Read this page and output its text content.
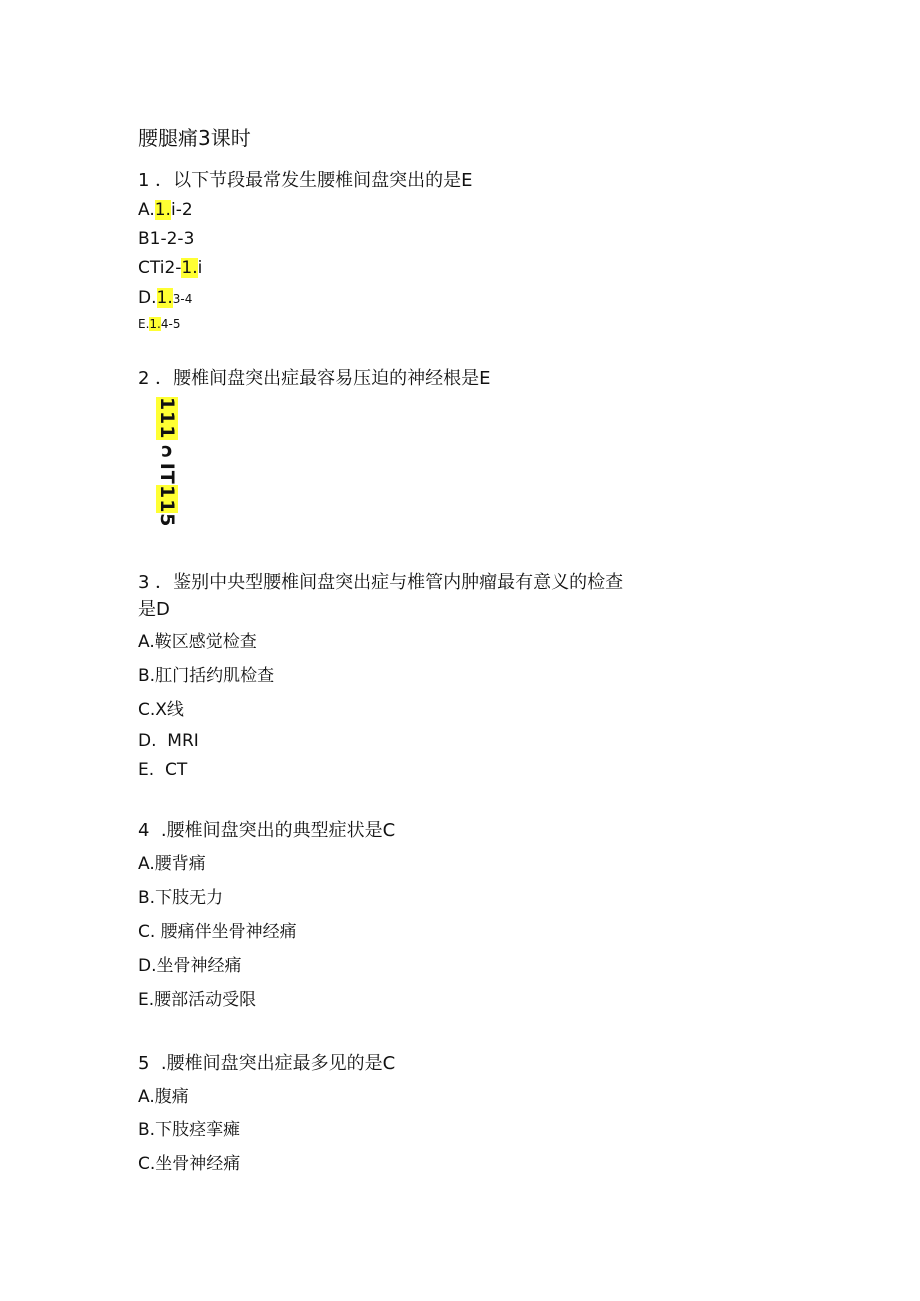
腰腿痛3课时
1 ．以下节段最常发生腰椎间盘突出的是E
A.1.i-2
B1-2-3
CTi2-1.i
D.1.3-4
E.1.4-5
2 ．腰椎间盘突出症最容易压迫的神经根是E
111ↄIT115
3 ．鉴别中央型腰椎间盘突出症与椎管内肿瘤最有意义的检查
是D
A.鞍区感觉检查
B.肛门括约肌检查
C.X线
D.  MRI
E.  CT
4  .腰椎间盘突出的典型症状是C
A.腰背痛
B.下肢无力
C. 腰痛伴坐骨神经痛
D.坐骨神经痛
E.腰部活动受限
5  .腰椎间盘突出症最多见的是C
A.腹痛
B.下肢痉挛瘫
C.坐骨神经痛
